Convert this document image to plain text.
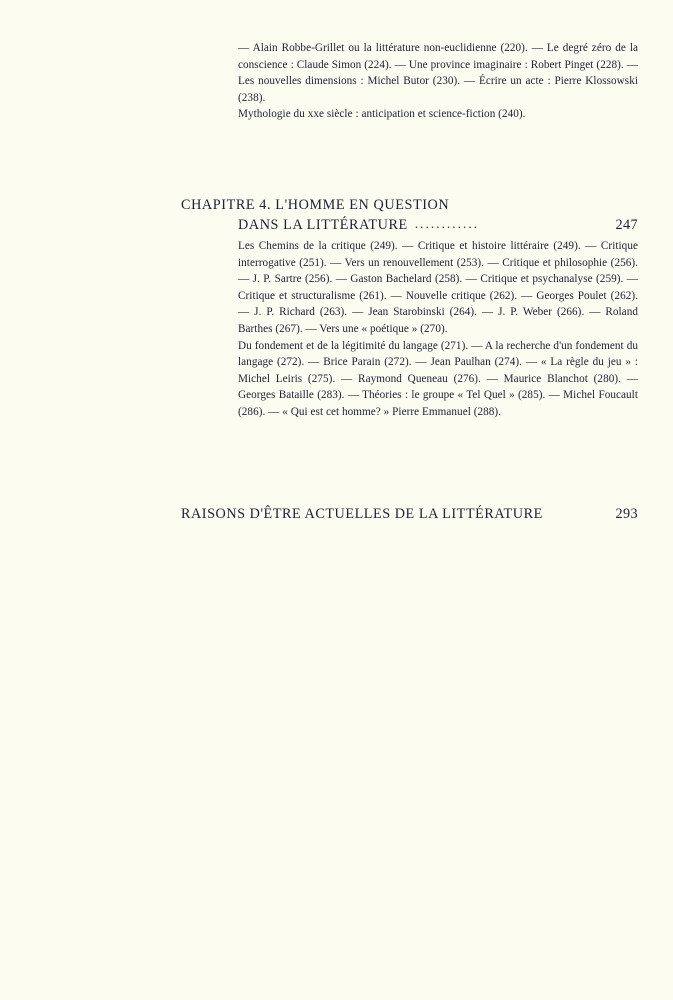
— Alain Robbe-Grillet ou la littérature non-euclidienne (220). — Le degré zéro de la conscience : Claude Simon (224). — Une province imaginaire : Robert Pinget (228). — Les nouvelles dimensions : Michel Butor (230). — Écrire un acte : Pierre Klossowski (238).
Mythologie du xxe siècle : anticipation et science-fiction (240).
CHAPITRE 4. L'HOMME EN QUESTION
DANS LA LITTÉRATURE ............	247
Les Chemins de la critique (249). — Critique et histoire littéraire (249). — Critique interrogative (251). — Vers un renouvellement (253). — Critique et philosophie (256). — J. P. Sartre (256). — Gaston Bachelard (258). — Critique et psychanalyse (259). — Critique et structuralisme (261). — Nouvelle critique (262). — Georges Poulet (262). — J. P. Richard (263). — Jean Starobinski (264). — J. P. Weber (266). — Roland Barthes (267). — Vers une « poétique » (270).
Du fondement et de la légitimité du langage (271). — A la recherche d'un fondement du langage (272). — Brice Parain (272). — Jean Paulhan (274). — « La règle du jeu » : Michel Leiris (275). — Raymond Queneau (276). — Maurice Blanchot (280). — Georges Bataille (283). — Théories : le groupe « Tel Quel » (285). — Michel Foucault (286). — « Qui est cet homme? » Pierre Emmanuel (288).
RAISONS D'ÊTRE ACTUELLES DE LA LITTÉRATURE	293
